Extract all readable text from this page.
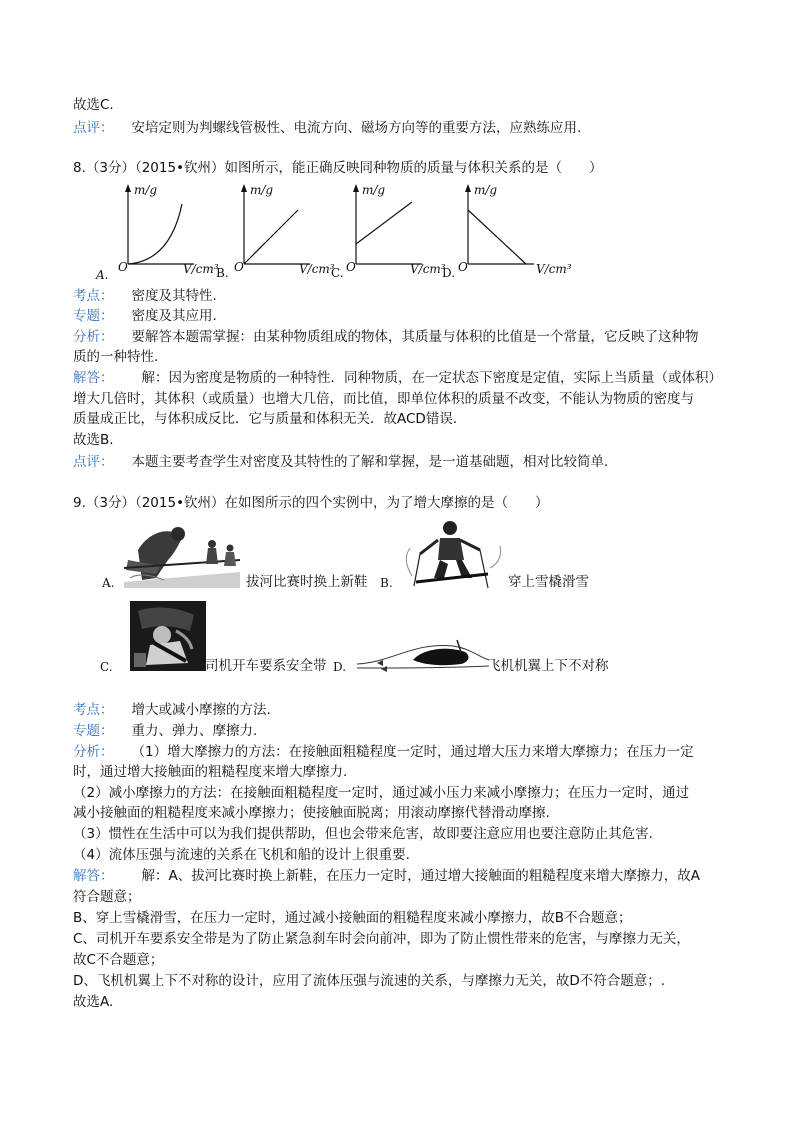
故选C.
点评： 安培定则为判螺线管极性、电流方向、磁场方向等的重要方法，应熟练应用.
8.（3分）（2015•钦州）如图所示，能正确反映同种物质的质量与体积关系的是（　　）
m/g	m/g	m/g	m/g
O	O	O	O
A.	V/cm³
B.	V/cm³
C.	V/cm³
D.	V/cm³
考点： 密度及其特性.
专题： 密度及其应用.
分析： 要解答本题需掌握：由某种物质组成的物体，其质量与体积的比值是一个常量，它反映了这种物
质的一种特性.
解答： 解：因为密度是物质的一种特性．同种物质，在一定状态下密度是定值，实际上当质量（或体积）
增大几倍时，其体积（或质量）也增大几倍，而比值，即单位体积的质量不改变，不能认为物质的密度与
质量成正比，与体积成反比．它与质量和体积无关．故ACD错误．
故选B.
点评： 本题主要考查学生对密度及其特性的了解和掌握，是一道基础题，相对比较简单.
9.（3分）（2015•钦州）在如图所示的四个实例中，为了增大摩擦的是（　　）
A.	拔河比赛时换上新鞋 B.	穿上雪橇滑雪
C.	司机开车要系安全带 D.	飞机机翼上下不对称
考点： 增大或减小摩擦的方法.
专题： 重力、弹力、摩擦力.
分析： （1）增大摩擦力的方法：在接触面粗糙程度一定时，通过增大压力来增大摩擦力；在压力一定
时，通过增大接触面的粗糙程度来增大摩擦力.
（2）减小摩擦力的方法：在接触面粗糙程度一定时，通过减小压力来减小摩擦力；在压力一定时，通过
减小接触面的粗糙程度来减小摩擦力；使接触面脱离；用滚动摩擦代替滑动摩擦.
（3）惯性在生活中可以为我们提供帮助，但也会带来危害，故即要注意应用也要注意防止其危害.
（4）流体压强与流速的关系在飞机和船的设计上很重要.
解答： 解：A、拔河比赛时换上新鞋，在压力一定时，通过增大接触面的粗糙程度来增大摩擦力，故A
符合题意；
B、穿上雪橇滑雪，在压力一定时，通过减小接触面的粗糙程度来减小摩擦力，故B不合题意；
C、司机开车要系安全带是为了防止紧急刹车时会向前冲，即为了防止惯性带来的危害，与摩擦力无关，
故C不合题意；
D、飞机机翼上下不对称的设计，应用了流体压强与流速的关系，与摩擦力无关，故D不符合题意；.
故选A.
